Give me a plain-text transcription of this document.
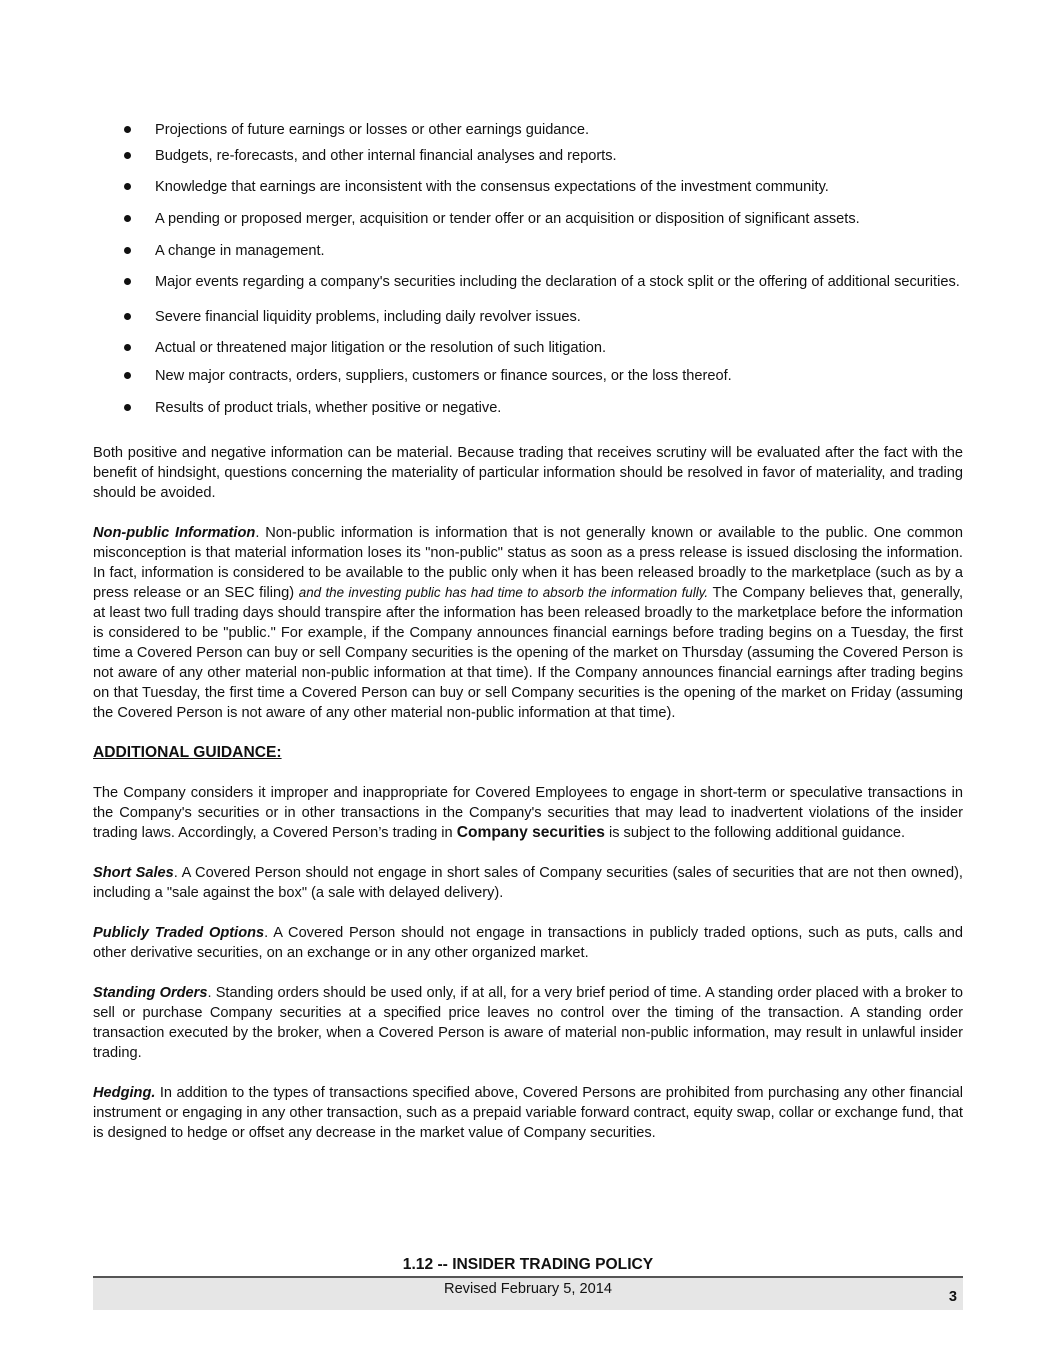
Projections of future earnings or losses or other earnings guidance.
Budgets, re-forecasts, and other internal financial analyses and reports.
Knowledge that earnings are inconsistent with the consensus expectations of the investment community.
A pending or proposed merger, acquisition or tender offer or an acquisition or disposition of significant assets.
A change in management.
Major events regarding a company's securities including the declaration of a stock split or the offering of additional securities.
Severe financial liquidity problems, including daily revolver issues.
Actual or threatened major litigation or the resolution of such litigation.
New major contracts, orders, suppliers, customers or finance sources, or the loss thereof.
Results of product trials, whether positive or negative.

Both positive and negative information can be material. Because trading that receives scrutiny will be evaluated after the fact with the benefit of hindsight, questions concerning the materiality of particular information should be resolved in favor of materiality, and trading should be avoided.

Non-public Information. Non-public information is information that is not generally known or available to the public. One common misconception is that material information loses its "non-public" status as soon as a press release is issued disclosing the information. In fact, information is considered to be available to the public only when it has been released broadly to the marketplace (such as by a press release or an SEC filing) and the investing public has had time to absorb the information fully. The Company believes that, generally, at least two full trading days should transpire after the information has been released broadly to the marketplace before the information is considered to be "public." For example, if the Company announces financial earnings before trading begins on a Tuesday, the first time a Covered Person can buy or sell Company securities is the opening of the market on Thursday (assuming the Covered Person is not aware of any other material non-public information at that time). If the Company announces financial earnings after trading begins on that Tuesday, the first time a Covered Person can buy or sell Company securities is the opening of the market on Friday (assuming the Covered Person is not aware of any other material non-public information at that time).

ADDITIONAL GUIDANCE:

The Company considers it improper and inappropriate for Covered Employees to engage in short-term or speculative transactions in the Company's securities or in other transactions in the Company's securities that may lead to inadvertent violations of the insider trading laws. Accordingly, a Covered Person’s trading in Company securities is subject to the following additional guidance.

Short Sales. A Covered Person should not engage in short sales of Company securities (sales of securities that are not then owned), including a "sale against the box" (a sale with delayed delivery).

Publicly Traded Options. A Covered Person should not engage in transactions in publicly traded options, such as puts, calls and other derivative securities, on an exchange or in any other organized market.

Standing Orders. Standing orders should be used only, if at all, for a very brief period of time. A standing order placed with a broker to sell or purchase Company securities at a specified price leaves no control over the timing of the transaction. A standing order transaction executed by the broker, when a Covered Person is aware of material non-public information, may result in unlawful insider trading.

Hedging. In addition to the types of transactions specified above, Covered Persons are prohibited from purchasing any other financial instrument or engaging in any other transaction, such as a prepaid variable forward contract, equity swap, collar or exchange fund, that is designed to hedge or offset any decrease in the market value of Company securities.

1.12 -- INSIDER TRADING POLICY
Revised February 5, 2014	3
